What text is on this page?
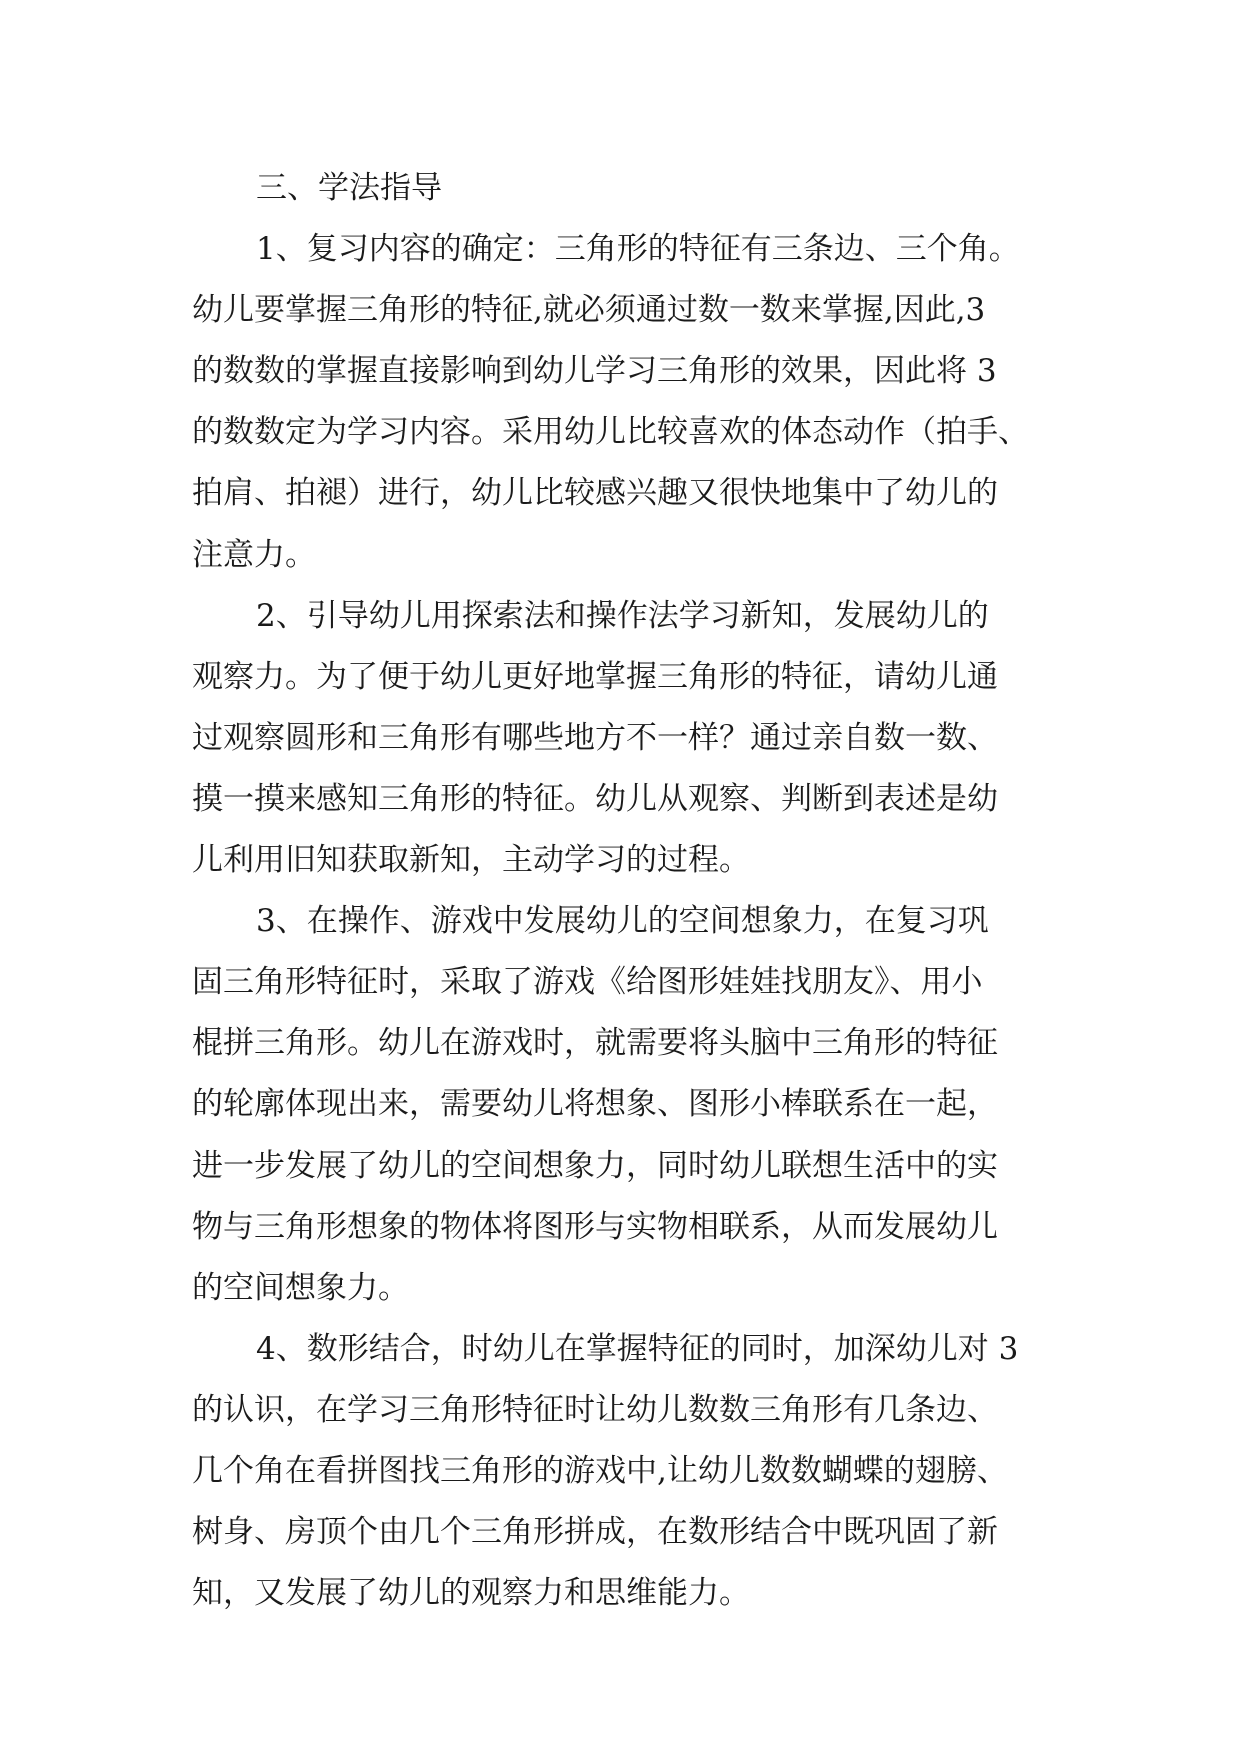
三、学法指导
1、复习内容的确定：三角形的特征有三条边、三个角。
幼儿要掌握三角形的特征,就必须通过数一数来掌握,因此,3
的数数的掌握直接影响到幼儿学习三角形的效果，因此将 3
的数数定为学习内容。采用幼儿比较喜欢的体态动作（拍手、
拍肩、拍褪）进行，幼儿比较感兴趣又很快地集中了幼儿的
注意力。
2、引导幼儿用探索法和操作法学习新知，发展幼儿的
观察力。为了便于幼儿更好地掌握三角形的特征，请幼儿通
过观察圆形和三角形有哪些地方不一样？通过亲自数一数、
摸一摸来感知三角形的特征。幼儿从观察、判断到表述是幼
儿利用旧知获取新知，主动学习的过程。
3、在操作、游戏中发展幼儿的空间想象力，在复习巩
固三角形特征时，采取了游戏《给图形娃娃找朋友》、用小
棍拼三角形。幼儿在游戏时，就需要将头脑中三角形的特征
的轮廓体现出来，需要幼儿将想象、图形小棒联系在一起，
进一步发展了幼儿的空间想象力，同时幼儿联想生活中的实
物与三角形想象的物体将图形与实物相联系，从而发展幼儿
的空间想象力。
4、数形结合，时幼儿在掌握特征的同时，加深幼儿对 3
的认识，在学习三角形特征时让幼儿数数三角形有几条边、
几个角在看拼图找三角形的游戏中,让幼儿数数蝴蝶的翅膀、
树身、房顶个由几个三角形拼成，在数形结合中既巩固了新
知，又发展了幼儿的观察力和思维能力。
